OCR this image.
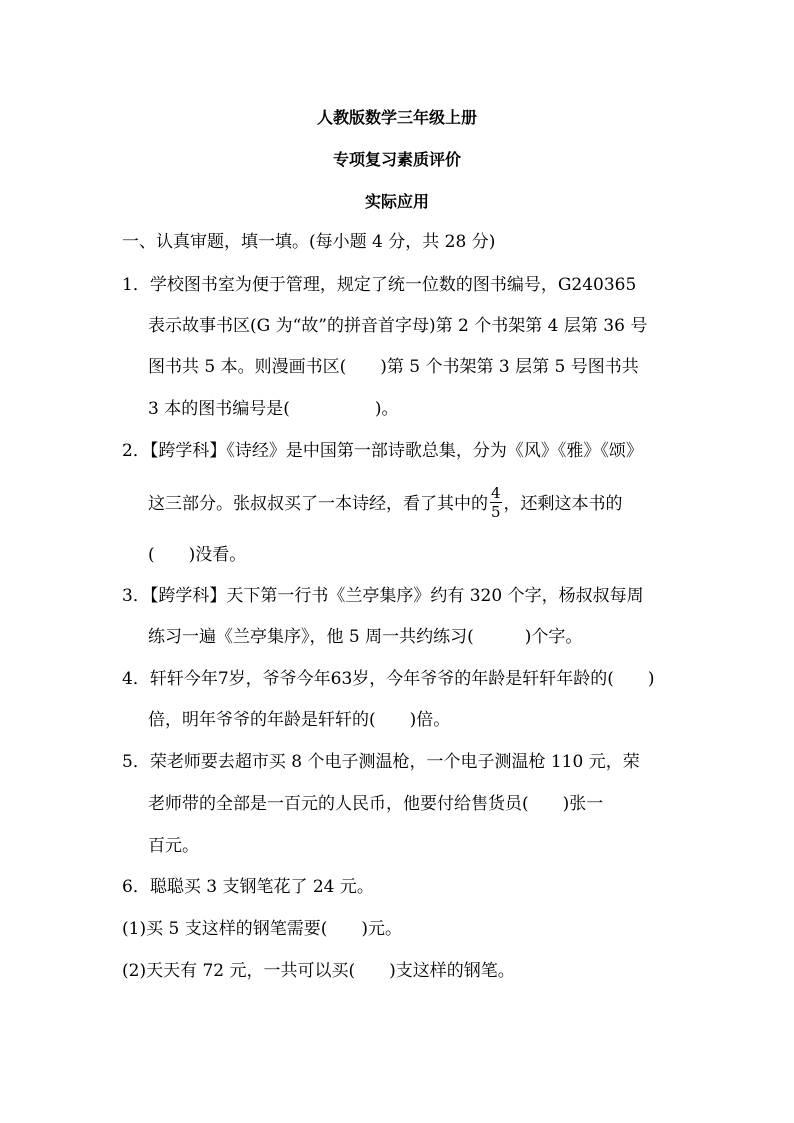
人教版数学三年级上册
专项复习素质评价
实际应用
一、认真审题，填一填。(每小题 4 分，共 28 分)
1．学校图书室为便于管理，规定了统一位数的图书编号，G240365
表示故事书区(G 为“故”的拼音首字母)第 2 个书架第 4 层第 36 号
图书共 5 本。则漫画书区(　　)第 5 个书架第 3 层第 5 号图书共
3 本的图书编号是(　　　　　)。
2．【跨学科】《诗经》是中国第一部诗歌总集，分为《风》《雅》《颂》
这三部分。张叔叔买了一本诗经，看了其中的 $\frac{4}{5}$ ，还剩这本书的
(　　)没看。
3．【跨学科】天下第一行书《兰亭集序》约有 320 个字，杨叔叔每周
练习一遍《兰亭集序》，他 5 周一共约练习(　　　)个字。
4．轩轩今年7岁，爷爷今年63岁，今年爷爷的年龄是轩轩年龄的(　　)
倍，明年爷爷的年龄是轩轩的(　　)倍。
5．荣老师要去超市买 8 个电子测温枪，一个电子测温枪 110 元，荣
老师带的全部是一百元的人民币，他要付给售货员(　　)张一
百元。
6．聪聪买 3 支钢笔花了 24 元。
(1)买 5 支这样的钢笔需要(　　)元。
(2)天天有 72 元，一共可以买(　　)支这样的钢笔。
